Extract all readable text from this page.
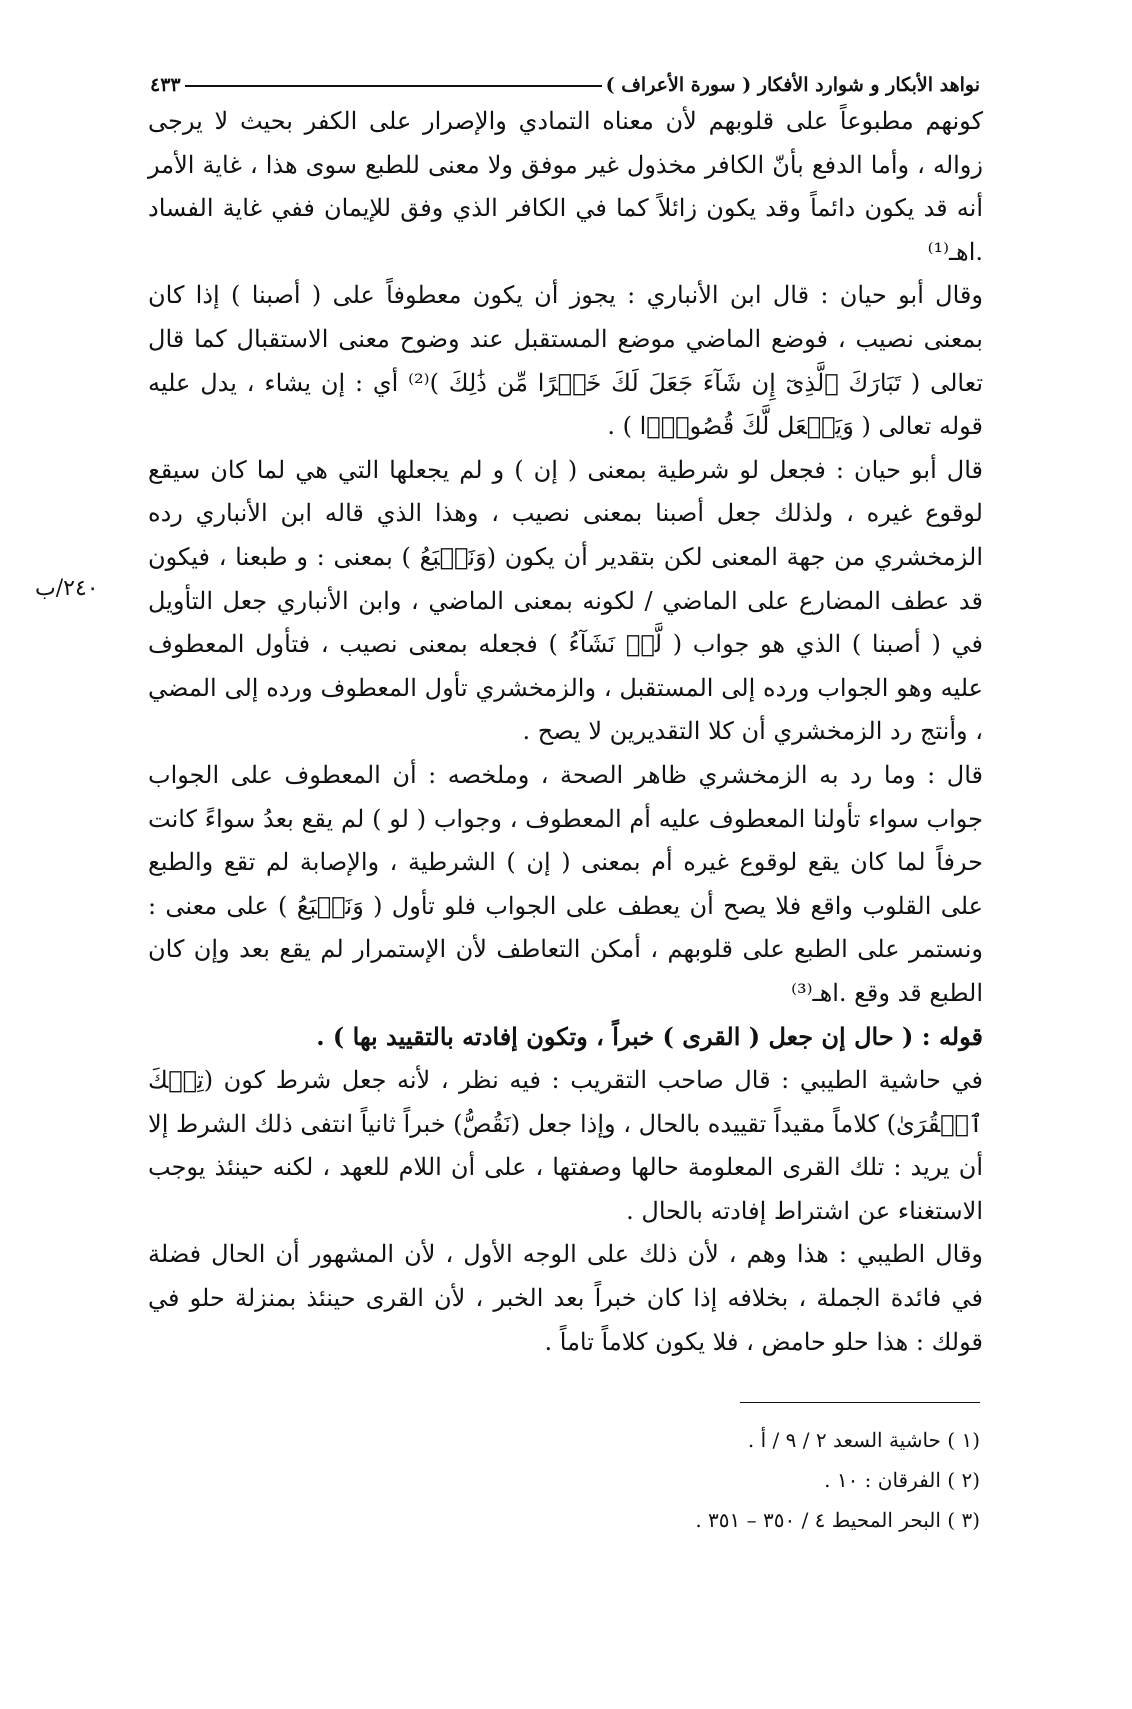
نواهد الأبكار و شوارد الأفكار ( سورة الأعراف )
٤٣٣
٢٤٠/ب

كونهم مطبوعاً على قلوبهم لأن معناه التمادي والإصرار على الكفر بحيث لا يرجى زواله ، وأما الدفع بأنّ الكافر مخذول غير موفق ولا معنى للطبع سوى هذا ، غاية الأمر أنه قد يكون دائماً وقد يكون زائلاً كما في الكافر الذي وفق للإيمان ففي غاية الفساد .اهـ⁽¹⁾

وقال أبو حيان : قال ابن الأنباري : يجوز أن يكون معطوفاً على ( أصبنا ) إذا كان بمعنى نصيب ، فوضع الماضي موضع المستقبل عند وضوح معنى الاستقبال كما قال تعالى ( تَبَارَكَ ٱلَّذِىٓ إِن شَآءَ جَعَلَ لَكَ خَيۡرًا مِّن ذَٰلِكَ )⁽²⁾ أي : إن يشاء ، يدل عليه قوله تعالى ( وَيَجۡعَل لَّكَ قُصُورًۢا ) .

قال أبو حيان : فجعل لو شرطية بمعنى ( إن ) و لم يجعلها التي هي لما كان سيقع لوقوع غيره ، ولذلك جعل أصبنا بمعنى نصيب ، وهذا الذي قاله ابن الأنباري رده الزمخشري من جهة المعنى لكن بتقدير أن يكون (وَنَطۡبَعُ ) بمعنى : و طبعنا ، فيكون قد عطف المضارع على الماضي / لكونه بمعنى الماضي ، وابن الأنباري جعل التأويل في ( أصبنا ) الذي هو جواب ( لَّوۡ نَشَآءُ ) فجعله بمعنى نصيب ، فتأول المعطوف عليه وهو الجواب ورده إلى المستقبل ، والزمخشري تأول المعطوف ورده إلى المضي ، وأنتج رد الزمخشري أن كلا التقديرين لا يصح .

قال : وما رد به الزمخشري ظاهر الصحة ، وملخصه : أن المعطوف على الجواب جواب سواء تأولنا المعطوف عليه أم المعطوف ، وجواب ( لو ) لم يقع بعدُ سواءً كانت حرفاً لما كان يقع لوقوع غيره أم بمعنى ( إن ) الشرطية ، والإصابة لم تقع والطبع على القلوب واقع فلا يصح أن يعطف على الجواب فلو تأول ( وَنَطۡبَعُ ) على معنى : ونستمر على الطبع على قلوبهم ، أمكن التعاطف لأن الإستمرار لم يقع بعد وإن كان الطبع قد وقع .اهـ⁽³⁾

قوله : ( حال إن جعل ( القرى ) خبراً ، وتكون إفادته بالتقييد بها ) .

في حاشية الطيبي : قال صاحب التقريب : فيه نظر ، لأنه جعل شرط كون (تِلۡكَ ٱلۡقُرَىٰ) كلاماً مقيداً تقييده بالحال ، وإذا جعل (نَقُصُّ) خبراً ثانياً انتفى ذلك الشرط إلا أن يريد : تلك القرى المعلومة حالها وصفتها ، على أن اللام للعهد ، لكنه حينئذ يوجب الاستغناء عن اشتراط إفادته بالحال .

وقال الطيبي : هذا وهم ، لأن ذلك على الوجه الأول ، لأن المشهور أن الحال فضلة في فائدة الجملة ، بخلافه إذا كان خبراً بعد الخبر ، لأن القرى حينئذ بمنزلة حلو في قولك : هذا حلو حامض ، فلا يكون كلاماً تاماً .

(١ ) حاشية السعد ٢ / ٩ / أ .
(٢ ) الفرقان : ١٠ .
(٣ ) البحر المحيط ٤ / ٣٥٠ – ٣٥١ .
